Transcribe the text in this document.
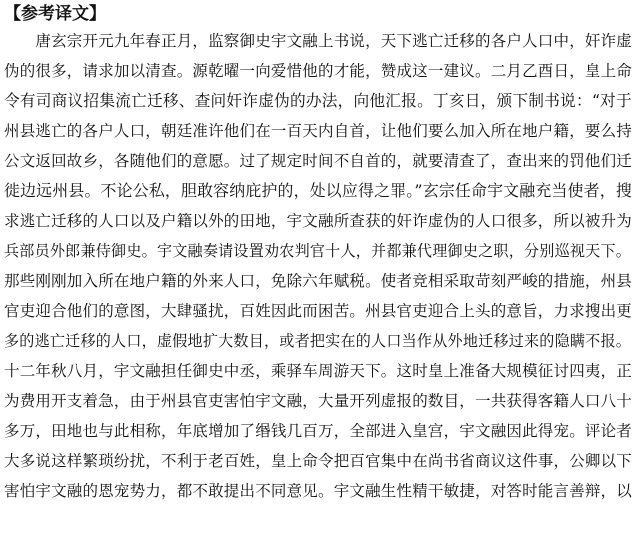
【参考译文】
　　唐玄宗开元九年春正月，监察御史宇文融上书说，天下逃亡迁移的各户人口中，奸诈虚
伪的很多，请求加以清查。源乾曜一向爱惜他的才能，赞成这一建议。二月乙酉日，皇上命
令有司商议招集流亡迁移、查问奸诈虚伪的办法，向他汇报。丁亥日，颁下制书说：“对于
州县逃亡的各户人口，朝廷准许他们在一百天内自首，让他们要么加入所在地户籍，要么持
公文返回故乡，各随他们的意愿。过了规定时间不自首的，就要清查了，查出来的罚他们迁
徙边远州县。不论公私，胆敢容纳庇护的，处以应得之罪。”玄宗任命宇文融充当使者，搜
求逃亡迁移的人口以及户籍以外的田地，宇文融所查获的奸诈虚伪的人口很多，所以被升为
兵部员外郎兼侍御史。宇文融奏请设置劝农判官十人，并都兼代理御史之职，分别巡视天下。
那些刚刚加入所在地户籍的外来人口，免除六年赋税。使者竞相采取苛刻严峻的措施，州县
官吏迎合他们的意图，大肆骚扰，百姓因此而困苦。州县官吏迎合上头的意旨，力求搜出更
多的逃亡迁移的人口，虚假地扩大数目，或者把实在的人口当作从外地迁移过来的隐瞒不报。
十二年秋八月，宇文融担任御史中丞，乘驿车周游天下。这时皇上准备大规模征讨四夷，正
为费用开支着急，由于州县官吏害怕宇文融，大量开列虚报的数目，一共获得客籍人口八十
多万，田地也与此相称，年底增加了缗钱几百万，全部进入皇宫，宇文融因此得宠。评论者
大多说这样繁琐纷扰，不利于老百姓，皇上命令把百官集中在尚书省商议这件事，公卿以下
害怕宇文融的恩宠势力，都不敢提出不同意见。宇文融生性精干敏捷，对答时能言善辩，以
